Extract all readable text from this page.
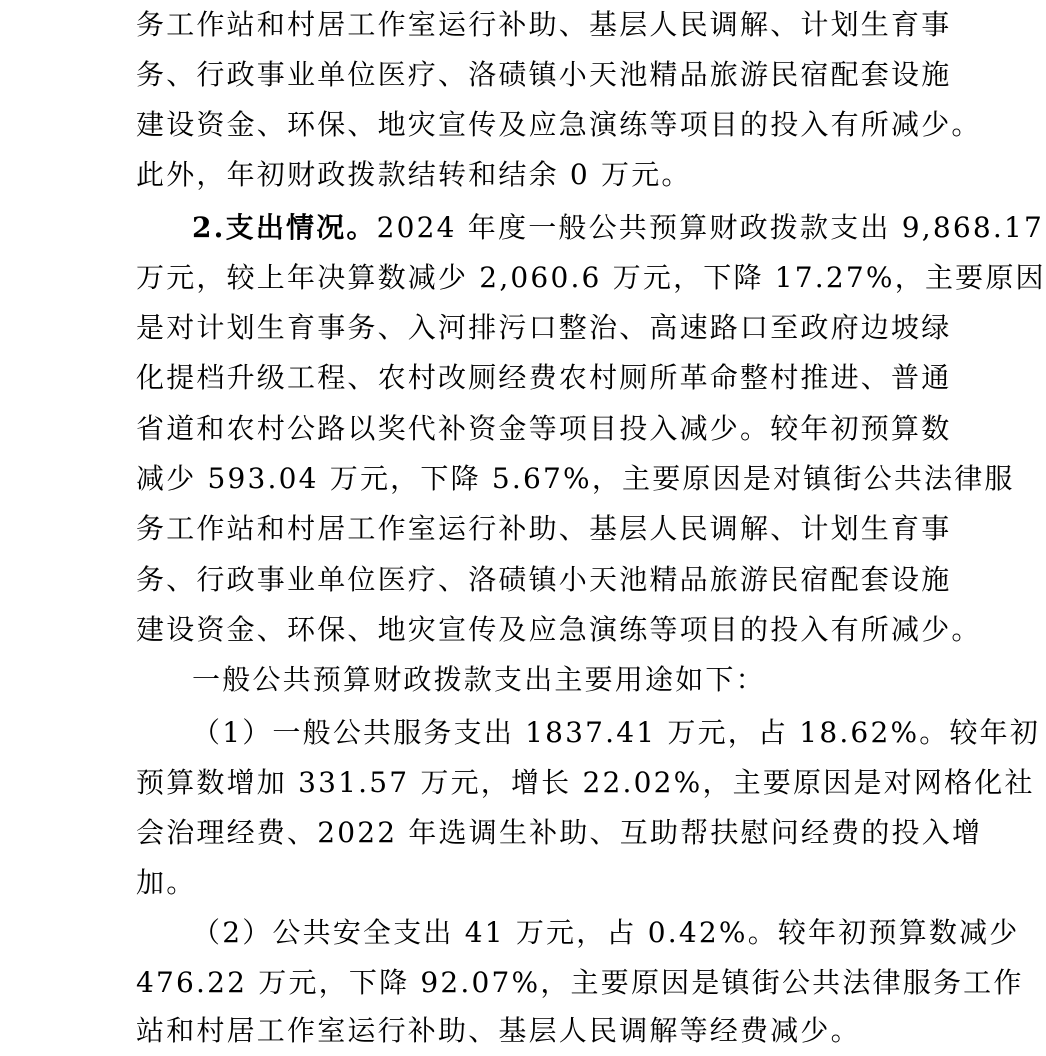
务工作站和村居工作室运行补助、基层人民调解、计划生育事
务、行政事业单位医疗、洛碛镇小天池精品旅游民宿配套设施
建设资金、环保、地灾宣传及应急演练等项目的投入有所减少。
此外，年初财政拨款结转和结余 0 万元。
2.支出情况。2024 年度一般公共预算财政拨款支出 9,868.17
万元，较上年决算数减少 2,060.6 万元，下降 17.27%，主要原因
是对计划生育事务、入河排污口整治、高速路口至政府边坡绿
化提档升级工程、农村改厕经费农村厕所革命整村推进、普通
省道和农村公路以奖代补资金等项目投入减少。较年初预算数
减少 593.04 万元，下降 5.67%，主要原因是对镇街公共法律服
务工作站和村居工作室运行补助、基层人民调解、计划生育事
务、行政事业单位医疗、洛碛镇小天池精品旅游民宿配套设施
建设资金、环保、地灾宣传及应急演练等项目的投入有所减少。
一般公共预算财政拨款支出主要用途如下：
（1）一般公共服务支出 1837.41 万元，占 18.62%。较年初
预算数增加 331.57 万元，增长 22.02%，主要原因是对网格化社
会治理经费、2022 年选调生补助、互助帮扶慰问经费的投入增
加。
（2）公共安全支出 41 万元，占 0.42%。较年初预算数减少
476.22 万元，下降 92.07%，主要原因是镇街公共法律服务工作
站和村居工作室运行补助、基层人民调解等经费减少。
